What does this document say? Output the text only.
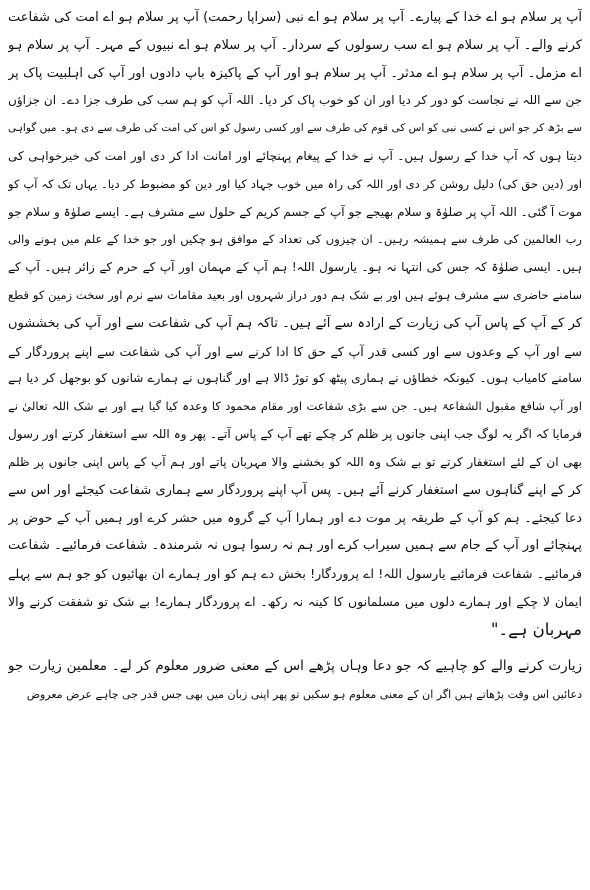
آپ پر سلام ہو اے خدا کے پیارے۔ آپ پر سلام ہو اے نبی (سراپا رحمت) آپ پر سلام ہو اے امت کی شفاعت
کرنے والے۔ آپ پر سلام ہو اے سب رسولوں کے سردار۔ آپ پر سلام ہو اے نبیوں کے مہر۔ آپ پر سلام ہو
اے مزمل۔ آپ پر سلام ہو اے مدثر۔ آپ پر سلام ہو اور آپ کے پاکیزہ باپ دادوں اور آپ کی اہلبیت پاک پر
جن سے اللہ نے نجاست کو دور کر دیا اور ان کو خوب پاک کر دیا۔ اللہ آپ کو ہم سب کی طرف جزا دے۔ ان جزاؤں
سے بڑھ کر جو اس نے کسی نبی کو اس کی قوم کی طرف سے اور کسی رسول کو اس کی امت کی طرف سے دی ہو۔ میں گواہی
دیتا ہوں کہ آپ خدا کے رسول ہیں۔ آپ نے خدا کے پیغام پہنچائے اور امانت ادا کر دی اور امت کی خیرخواہی کی
اور (دین حق کی) دلیل روشن کر دی اور اللہ کی راہ میں خوب جہاد کیا اور دین کو مضبوط کر دیا۔ یہاں تک کہ آپ کو
موت آ گئی۔ اللہ آپ پر صلوٰۃ و سلام بھیجے جو آپ کے جسم کریم کے حلول سے مشرف ہے۔ ایسے صلوٰۃ و سلام جو
رب العالمین کی طرف سے ہمیشہ رہیں۔ ان چیزوں کی تعداد کے موافق ہو چکیں اور جو خدا کے علم میں ہونے والی
ہیں۔ ایسی صلوٰۃ کہ جس کی انتہا نہ ہو۔ یارسول اللہ! ہم آپ کے مہمان اور آپ کے حرم کے زائر ہیں۔ آپ کے
سامنے حاضری سے مشرف ہوئے ہیں اور بے شک ہم دور دراز شہروں اور بعید مقامات سے نرم اور سخت زمین کو قطع
کر کے آپ کے پاس آپ کی زیارت کے ارادہ سے آئے ہیں۔ تاکہ ہم آپ کی شفاعت سے اور آپ کی بخششوں
سے اور آپ کے وعدوں سے اور کسی قدر آپ کے حق کا ادا کرنے سے اور آپ کی شفاعت سے اپنے پروردگار کے
سامنے کامیاب ہوں۔ کیونکہ خطاؤں نے ہماری پیٹھ کو توڑ ڈالا ہے اور گناہوں نے ہمارے شانوں کو بوجھل کر دیا ہے
اور آپ شافع مقبول الشفاعۃ ہیں۔ جن سے بڑی شفاعت اور مقام محمود کا وعدہ کیا گیا ہے اور بے شک اللہ تعالیٰ نے
فرمایا کہ اگر یہ لوگ جب اپنی جانوں پر ظلم کر چکے تھے آپ کے پاس آتے۔ پھر وہ اللہ سے استغفار کرتے اور رسول
بھی ان کے لئے استغفار کرتے تو بے شک وہ اللہ کو بخشنے والا مہربان پاتے اور ہم آپ کے پاس اپنی جانوں پر ظلم
کر کے اپنے گناہوں سے استغفار کرنے آئے ہیں۔ پس آپ اپنے پروردگار سے ہماری شفاعت کیجئے اور اس سے
دعا کیجئے۔ ہم کو آپ کے طریقہ پر موت دے اور ہمارا آپ کے گروہ میں حشر کرے اور ہمیں آپ کے حوض پر
پہنچائے اور آپ کے جام سے ہمیں سیراب کرے اور ہم نہ رسوا ہوں نہ شرمندہ۔ شفاعت فرمائیے۔ شفاعت
فرمائیے۔ شفاعت فرمائیے یارسول اللہ! اے پروردگار! بخش دے ہم کو اور ہمارے ان بھائیوں کو جو ہم سے پہلے
ایمان لا چکے اور ہمارے دلوں میں مسلمانوں کا کینہ نہ رکھ۔ اے پروردگار ہمارے! بے شک تو شفقت کرنے والا
مہربان ہے۔"
زیارت کرنے والے کو چاہیے کہ جو دعا وہاں پڑھے اس کے معنی ضرور معلوم کر لے۔ معلمین زیارت جو
دعائیں اس وقت پڑھاتے ہیں اگر ان کے معنی معلوم ہو سکیں تو پھر اپنی زبان میں بھی جس قدر جی چاہے عرض معروض
